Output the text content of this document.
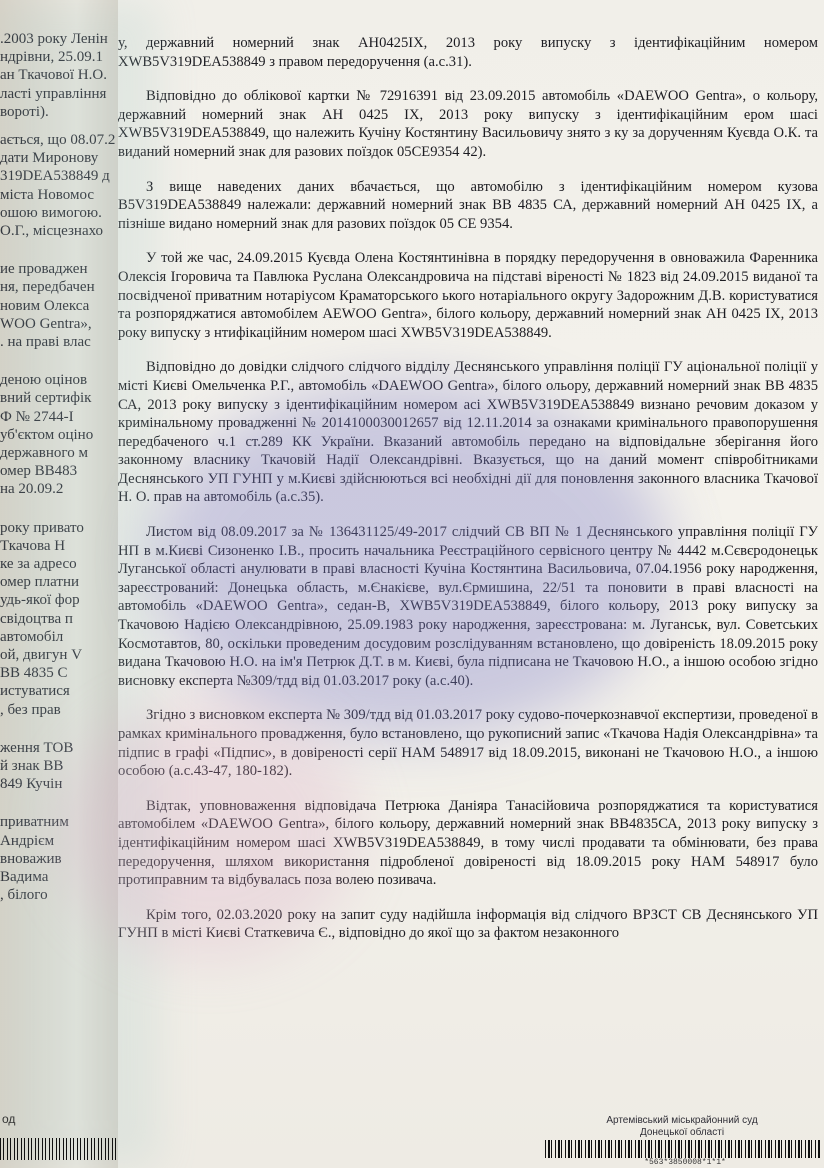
.2003 року Ленін
ндрівни, 25.09.1
ан Ткачової Н.О.
ласті управління
вороті).
ається, що 08.07.2
дати Миронову
319DEA538849 д
міста Новомос
ошою вимогою.
О.Г., місцезнахо
ие проваджен
ня, передбачен
новим Олекса
WOO Gentra»,
. на праві влас
деною оцінов
вний сертифік
Ф № 2744-І
уб'єктом оціно
державного м
омер ВВ483
на 20.09.2
року привато
Ткачова Н
ке за адресо
омер платни
удь-якої фор
свідоцтва п
автомобіл
ой, двигун V
ВВ 4835 С
истуватися
, без прав
ження ТОВ
й знак ВВ
849 Кучін
приватним
Андрієм
вноважив
Вадима
, білого

у, державний номерний знак АН0425ІХ, 2013 року випуску з ідентифікаційним номером ХWВ5V319DEA538849 з правом передоручення (а.с.31).

Відповідно до облікової картки № 72916391 від 23.09.2015 автомобіль «DAEWOO Gentra», о кольору, державний номерний знак АН 0425 ІХ, 2013 року випуску з ідентифікаційним ером шасі ХWВ5V319DEA538849, що належить Кучіну Костянтину Васильовичу знято з ку за дорученням Куєвда О.К. та виданий номерний знак для разових поїздок 05СЕ9354 42).

З вище наведених даних вбачається, що автомобілю з ідентифікаційним номером кузова В5V319DEA538849 належали: державний номерний знак ВВ 4835 СА, державний номерний АН 0425 ІХ, а пізніше видано номерний знак для разових поїздок 05 СЕ 9354.

У той же час, 24.09.2015 Куєвда Олена Костянтинівна в порядку передоручення в овноважила Фаренника Олексія Ігоровича та Павлюка Руслана Олександровича на підставі віреності № 1823 від 24.09.2015 виданої та посвідченої приватним нотаріусом Краматорського ького нотаріального округу Задорожним Д.В. користуватися та розпоряджатися автомобілем AEWOO Gentra», білого кольору, державний номерний знак АН 0425 ІХ, 2013 року випуску з нтифікаційним номером шасі ХWВ5V319DEA538849.

Відповідно до довідки слідчого слідчого відділу Деснянського управління поліції ГУ аціональної поліції у місті Києві Омельченка Р.Г., автомобіль «DAEWOO Gentra», білого ольору, державний номерний знак ВВ 4835 СА, 2013 року випуску з ідентифікаційним номером асі ХWВ5V319DEA538849 визнано речовим доказом у кримінальному провадженні № 2014100030012657 від 12.11.2014 за ознаками кримінального правопорушення передбаченого ч.1 ст.289 КК України. Вказаний автомобіль передано на відповідальне зберігання його законному власнику Ткачовій Надії Олександрівні. Вказується, що на даний момент співробітниками Деснянського УП ГУНП у м.Києві здійснюються всі необхідні дії для поновлення законного власника Ткачової Н. О. прав на автомобіль (а.с.35).

Листом від 08.09.2017 за № 136431125/49-2017 слідчий СВ ВП № 1 Деснянського управління поліції ГУ НП в м.Києві Сизоненко І.В., просить начальника Реєстраційного сервісного центру № 4442 м.Сєвєродонецьк Луганської області анулювати в праві власності Кучіна Костянтина Васильовича, 07.04.1956 року народження, зареєстрований: Донецька область, м.Єнакієве, вул.Єрмишина, 22/51 та поновити в праві власності на автомобіль «DAEWOO Gentra», седан-В, ХWВ5V319DEA538849, білого кольору, 2013 року випуску за Ткачовою Надією Олександрівною, 25.09.1983 року народження, зареєстрована: м. Луганськ, вул. Советських Космотавтов, 80, оскільки проведеним досудовим розслідуванням встановлено, що довіреність 18.09.2015 року видана Ткачовою Н.О. на ім'я Петрюк Д.Т. в м. Києві, була підписана не Ткачовою Н.О., а іншою особою згідно висновку експерта №309/тдд від 01.03.2017 року (а.с.40).

Згідно з висновком експерта № 309/тдд від 01.03.2017 року судово-почеркознавчої експертизи, проведеної в рамках кримінального провадження, було встановлено, що рукописний запис «Ткачова Надія Олександрівна» та підпис в графі «Підпис», в довіреності серії НАМ 548917 від 18.09.2015, виконані не Ткачовою Н.О., а іншою особою (а.с.43-47, 180-182).

Відтак, уповноваження відповідача Петрюка Даніяра Танасійовича розпоряджатися та користуватися автомобілем «DAEWOO Gentra», білого кольору, державний номерний знак ВВ4835СА, 2013 року випуску з ідентифікаційним номером шасі ХWВ5V319DEA538849, в тому числі продавати та обмінювати, без права передоручення, шляхом використання підробленої довіреності від 18.09.2015 року НАМ 548917 було протиправним та відбувалась поза волею позивача.

Крім того, 02.03.2020 року на запит суду надійшла інформація від слідчого ВРЗСТ СВ Деснянського УП ГУНП в місті Києві Статкевича Є., відповідно до якої що за фактом незаконного

од	Артемівський міськрайонний суд
Донецької області
*563*3850008*1*1*
